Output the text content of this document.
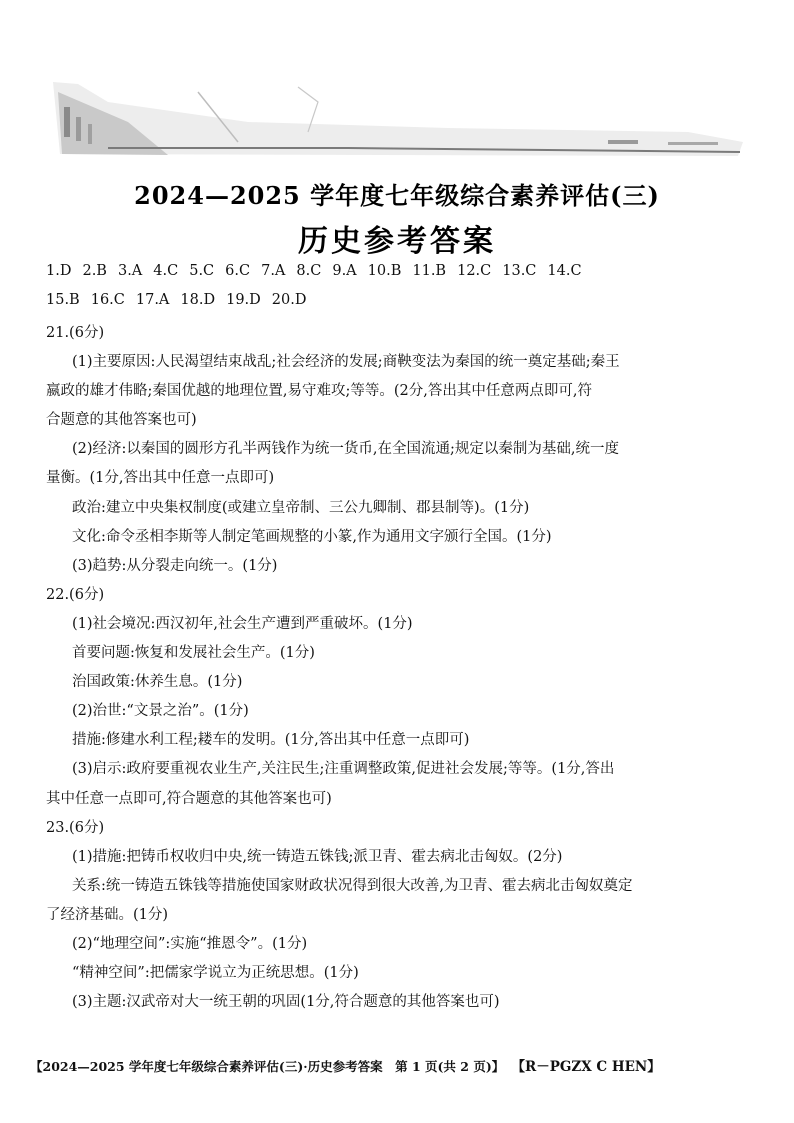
2024—2025 学年度七年级综合素养评估(三)
历史参考答案
1.D 2.B 3.A 4.C 5.C 6.C 7.A 8.C 9.A 10.B 11.B 12.C 13.C 14.C
15.B 16.C 17.A 18.D 19.D 20.D

21.(6分)

(1)主要原因:人民渴望结束战乱;社会经济的发展;商鞅变法为秦国的统一奠定基础;秦王

嬴政的雄才伟略;秦国优越的地理位置,易守难攻;等等。(2分,答出其中任意两点即可,符

合题意的其他答案也可)

(2)经济:以秦国的圆形方孔半两钱作为统一货币,在全国流通;规定以秦制为基础,统一度

量衡。(1分,答出其中任意一点即可)

政治:建立中央集权制度(或建立皇帝制、三公九卿制、郡县制等)。(1分)

文化:命令丞相李斯等人制定笔画规整的小篆,作为通用文字颁行全国。(1分)

(3)趋势:从分裂走向统一。(1分)

22.(6分)

(1)社会境况:西汉初年,社会生产遭到严重破坏。(1分)

首要问题:恢复和发展社会生产。(1分)

治国政策:休养生息。(1分)

(2)治世:“文景之治”。(1分)

措施:修建水利工程;耧车的发明。(1分,答出其中任意一点即可)

(3)启示:政府要重视农业生产,关注民生;注重调整政策,促进社会发展;等等。(1分,答出

其中任意一点即可,符合题意的其他答案也可)

23.(6分)

(1)措施:把铸币权收归中央,统一铸造五铢钱;派卫青、霍去病北击匈奴。(2分)

关系:统一铸造五铢钱等措施使国家财政状况得到很大改善,为卫青、霍去病北击匈奴奠定

了经济基础。(1分)

(2)“地理空间”:实施“推恩令”。(1分)

“精神空间”:把儒家学说立为正统思想。(1分)

(3)主题:汉武帝对大一统王朝的巩固(1分,符合题意的其他答案也可)

【2024—2025 学年度七年级综合素养评估(三)·历史参考答案　第 1 页(共 2 页)】 【R－PGZX C HEN】
